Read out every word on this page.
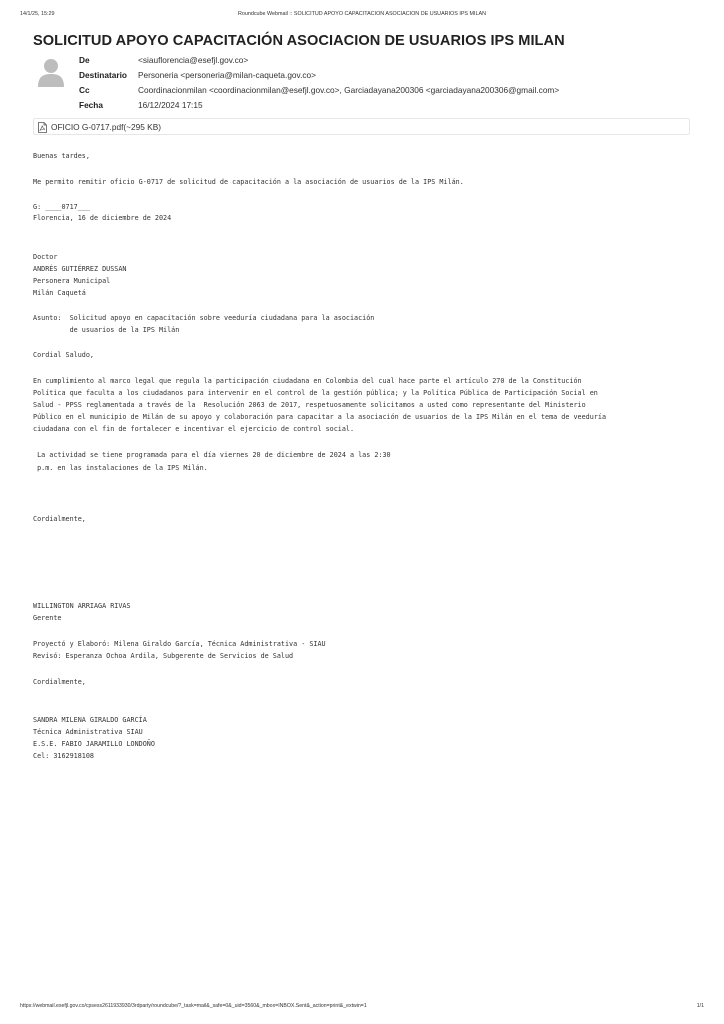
14/1/25, 15:29	Roundcube Webmail :: SOLICITUD APOYO CAPACITACION ASOCIACION DE USUARIOS IPS MILAN
SOLICITUD APOYO CAPACITACIÓN ASOCIACION DE USUARIOS IPS MILAN
De	<siauflorencia@esefjl.gov.co>
Destinatario Personeria <personeria@milan-caqueta.gov.co>
Cc	Coordinacionmilan <coordinacionmilan@esefjl.gov.co>, Garciadayana200306 <garciadayana200306@gmail.com>
Fecha	16/12/2024 17:15
OFICIO G-0717.pdf(~295 KB)
Buenas tardes,
Me permito remitir oficio G-0717 de solicitud de capacitación a la asociación de usuarios de la IPS Milán.
G: ____0717___
Florencia, 16 de diciembre de 2024
Doctor
ANDRÉS GUTIÉRREZ DUSSAN
Personera Municipal
Milán Caquetá
Asunto:  Solicitud apoyo en capacitación sobre veeduría ciudadana para la asociación
de usuarios de la IPS Milán
Cordial Saludo,
En cumplimiento al marco legal que regula la participación ciudadana en Colombia del cual hace parte el artículo 270 de la Constitución
Política que faculta a los ciudadanos para intervenir en el control de la gestión pública; y la Política Pública de Participación Social en
Salud - PPSS reglamentada a través de la  Resolución 2063 de 2017, respetuosamente solicitamos a usted como representante del Ministerio
Público en el municipio de Milán de su apoyo y colaboración para capacitar a la asociación de usuarios de la IPS Milán en el tema de veeduría
ciudadana con el fin de fortalecer e incentivar el ejercicio de control social.
La actividad se tiene programada para el día viernes 20 de diciembre de 2024 a las 2:30
p.m. en las instalaciones de la IPS Milán.
Cordialmente,
WILLINGTON ARRIAGA RIVAS
Gerente
Proyectó y Elaboró: Milena Giraldo García, Técnica Administrativa - SIAU
Revisó: Esperanza Ochoa Ardila, Subgerente de Servicios de Salud
Cordialmente,
SANDRA MILENA GIRALDO GARCÍA
Técnica Administrativa SIAU
E.S.E. FABIO JARAMILLO LONDOÑO
Cel: 3162918108
https://webmail.esefjl.gov.co/cpsess2611933930/3rdparty/roundcube/?_task=mail&_safe=0&_uid=3560&_mbox=INBOX.Sent&_action=print&_extwin=1	1/1
